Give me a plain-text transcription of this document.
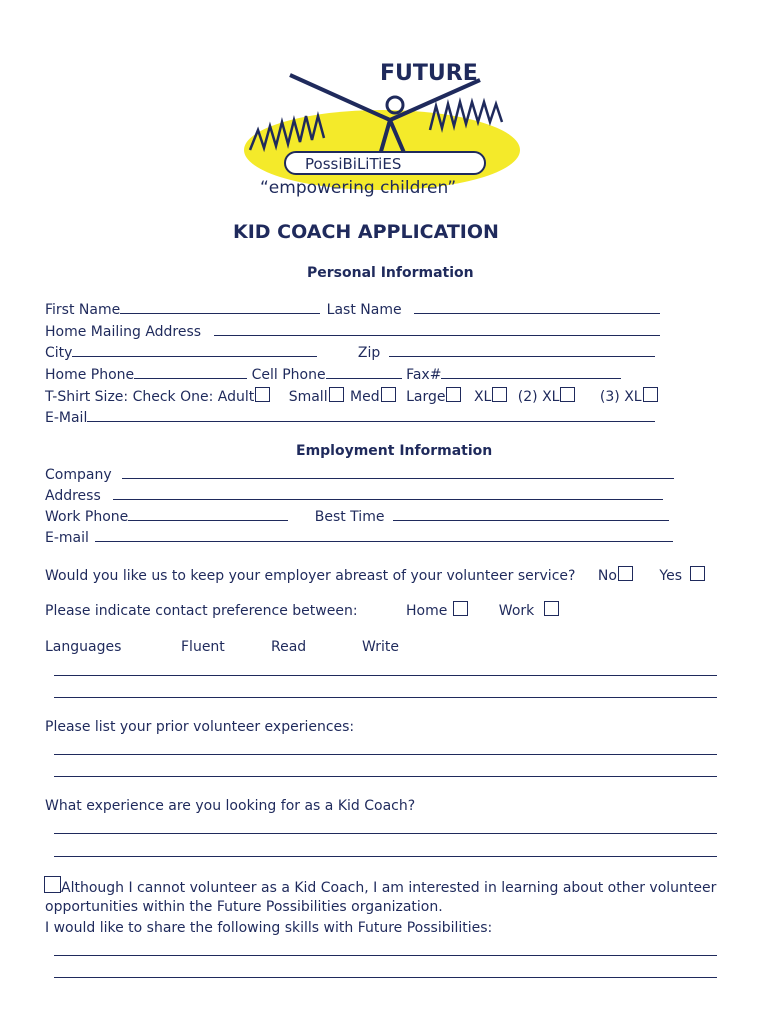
FUTURE
PossiBiLiTiES
“empowering children”
KID COACH APPLICATION
Personal Information
First Name	Last Name
Home Mailing Address
City	Zip
Home Phone	Cell Phone	Fax#
T-Shirt Size: Check One: Adult Small Med Large XL (2) XL	(3) XL
E-Mail
Employment Information
Company
Address
Work Phone	Best Time
E-mail
Would you like us to keep your employer abreast of your volunteer service? No	Yes
Please indicate contact preference between:	Home	Work
Languages	Fluent	Read	Write
Please list your prior volunteer experiences:
What experience are you looking for as a Kid Coach?
Although I cannot volunteer as a Kid Coach, I am interested in learning about other volunteer
opportunities within the Future Possibilities organization.
I would like to share the following skills with Future Possibilities:
